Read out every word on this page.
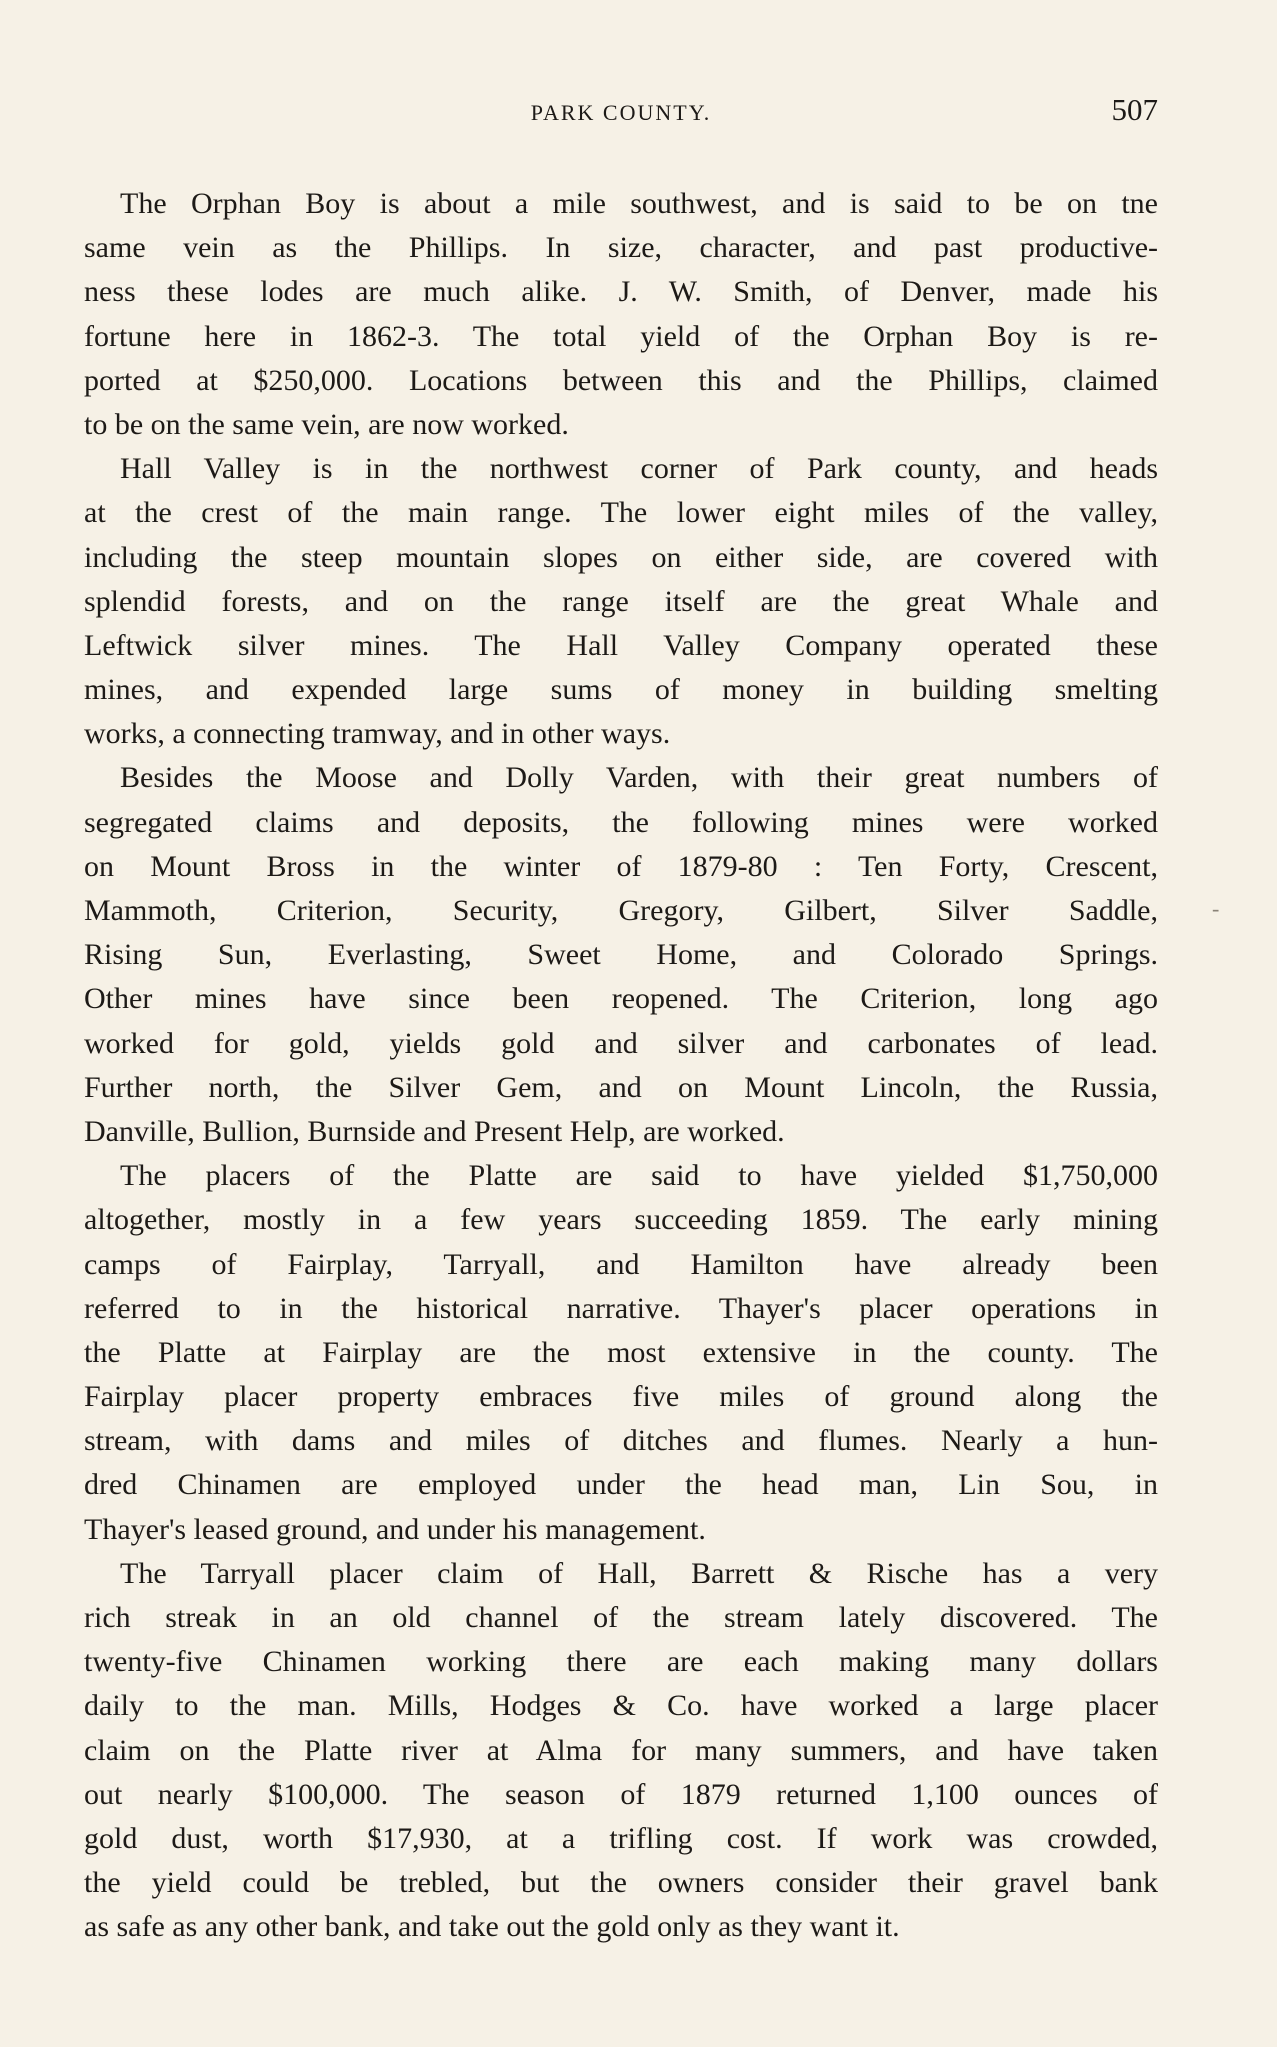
PARK COUNTY.	507
-
The Orphan Boy is about a mile southwest, and is said to be on tne
same vein as the Phillips. In size, character, and past productive-
ness these lodes are much alike. J. W. Smith, of Denver, made his
fortune here in 1862-3. The total yield of the Orphan Boy is re-
ported at $250,000. Locations between this and the Phillips, claimed
to be on the same vein, are now worked.
Hall Valley is in the northwest corner of Park county, and heads
at the crest of the main range. The lower eight miles of the valley,
including the steep mountain slopes on either side, are covered with
splendid forests, and on the range itself are the great Whale and
Leftwick silver mines. The Hall Valley Company operated these
mines, and expended large sums of money in building smelting
works, a connecting tramway, and in other ways.
Besides the Moose and Dolly Varden, with their great numbers of
segregated claims and deposits, the following mines were worked
on Mount Bross in the winter of 1879-80 : Ten Forty, Crescent,
Mammoth, Criterion, Security, Gregory, Gilbert, Silver Saddle,
Rising Sun, Everlasting, Sweet Home, and Colorado Springs.
Other mines have since been reopened. The Criterion, long ago
worked for gold, yields gold and silver and carbonates of lead.
Further north, the Silver Gem, and on Mount Lincoln, the Russia,
Danville, Bullion, Burnside and Present Help, are worked.
The placers of the Platte are said to have yielded $1,750,000
altogether, mostly in a few years succeeding 1859. The early mining
camps of Fairplay, Tarryall, and Hamilton have already been
referred to in the historical narrative. Thayer's placer operations in
the Platte at Fairplay are the most extensive in the county. The
Fairplay placer property embraces five miles of ground along the
stream, with dams and miles of ditches and flumes. Nearly a hun-
dred Chinamen are employed under the head man, Lin Sou, in
Thayer's leased ground, and under his management.
The Tarryall placer claim of Hall, Barrett & Rische has a very
rich streak in an old channel of the stream lately discovered. The
twenty-five Chinamen working there are each making many dollars
daily to the man. Mills, Hodges & Co. have worked a large placer
claim on the Platte river at Alma for many summers, and have taken
out nearly $100,000. The season of 1879 returned 1,100 ounces of
gold dust, worth $17,930, at a trifling cost. If work was crowded,
the yield could be trebled, but the owners consider their gravel bank
as safe as any other bank, and take out the gold only as they want it.
